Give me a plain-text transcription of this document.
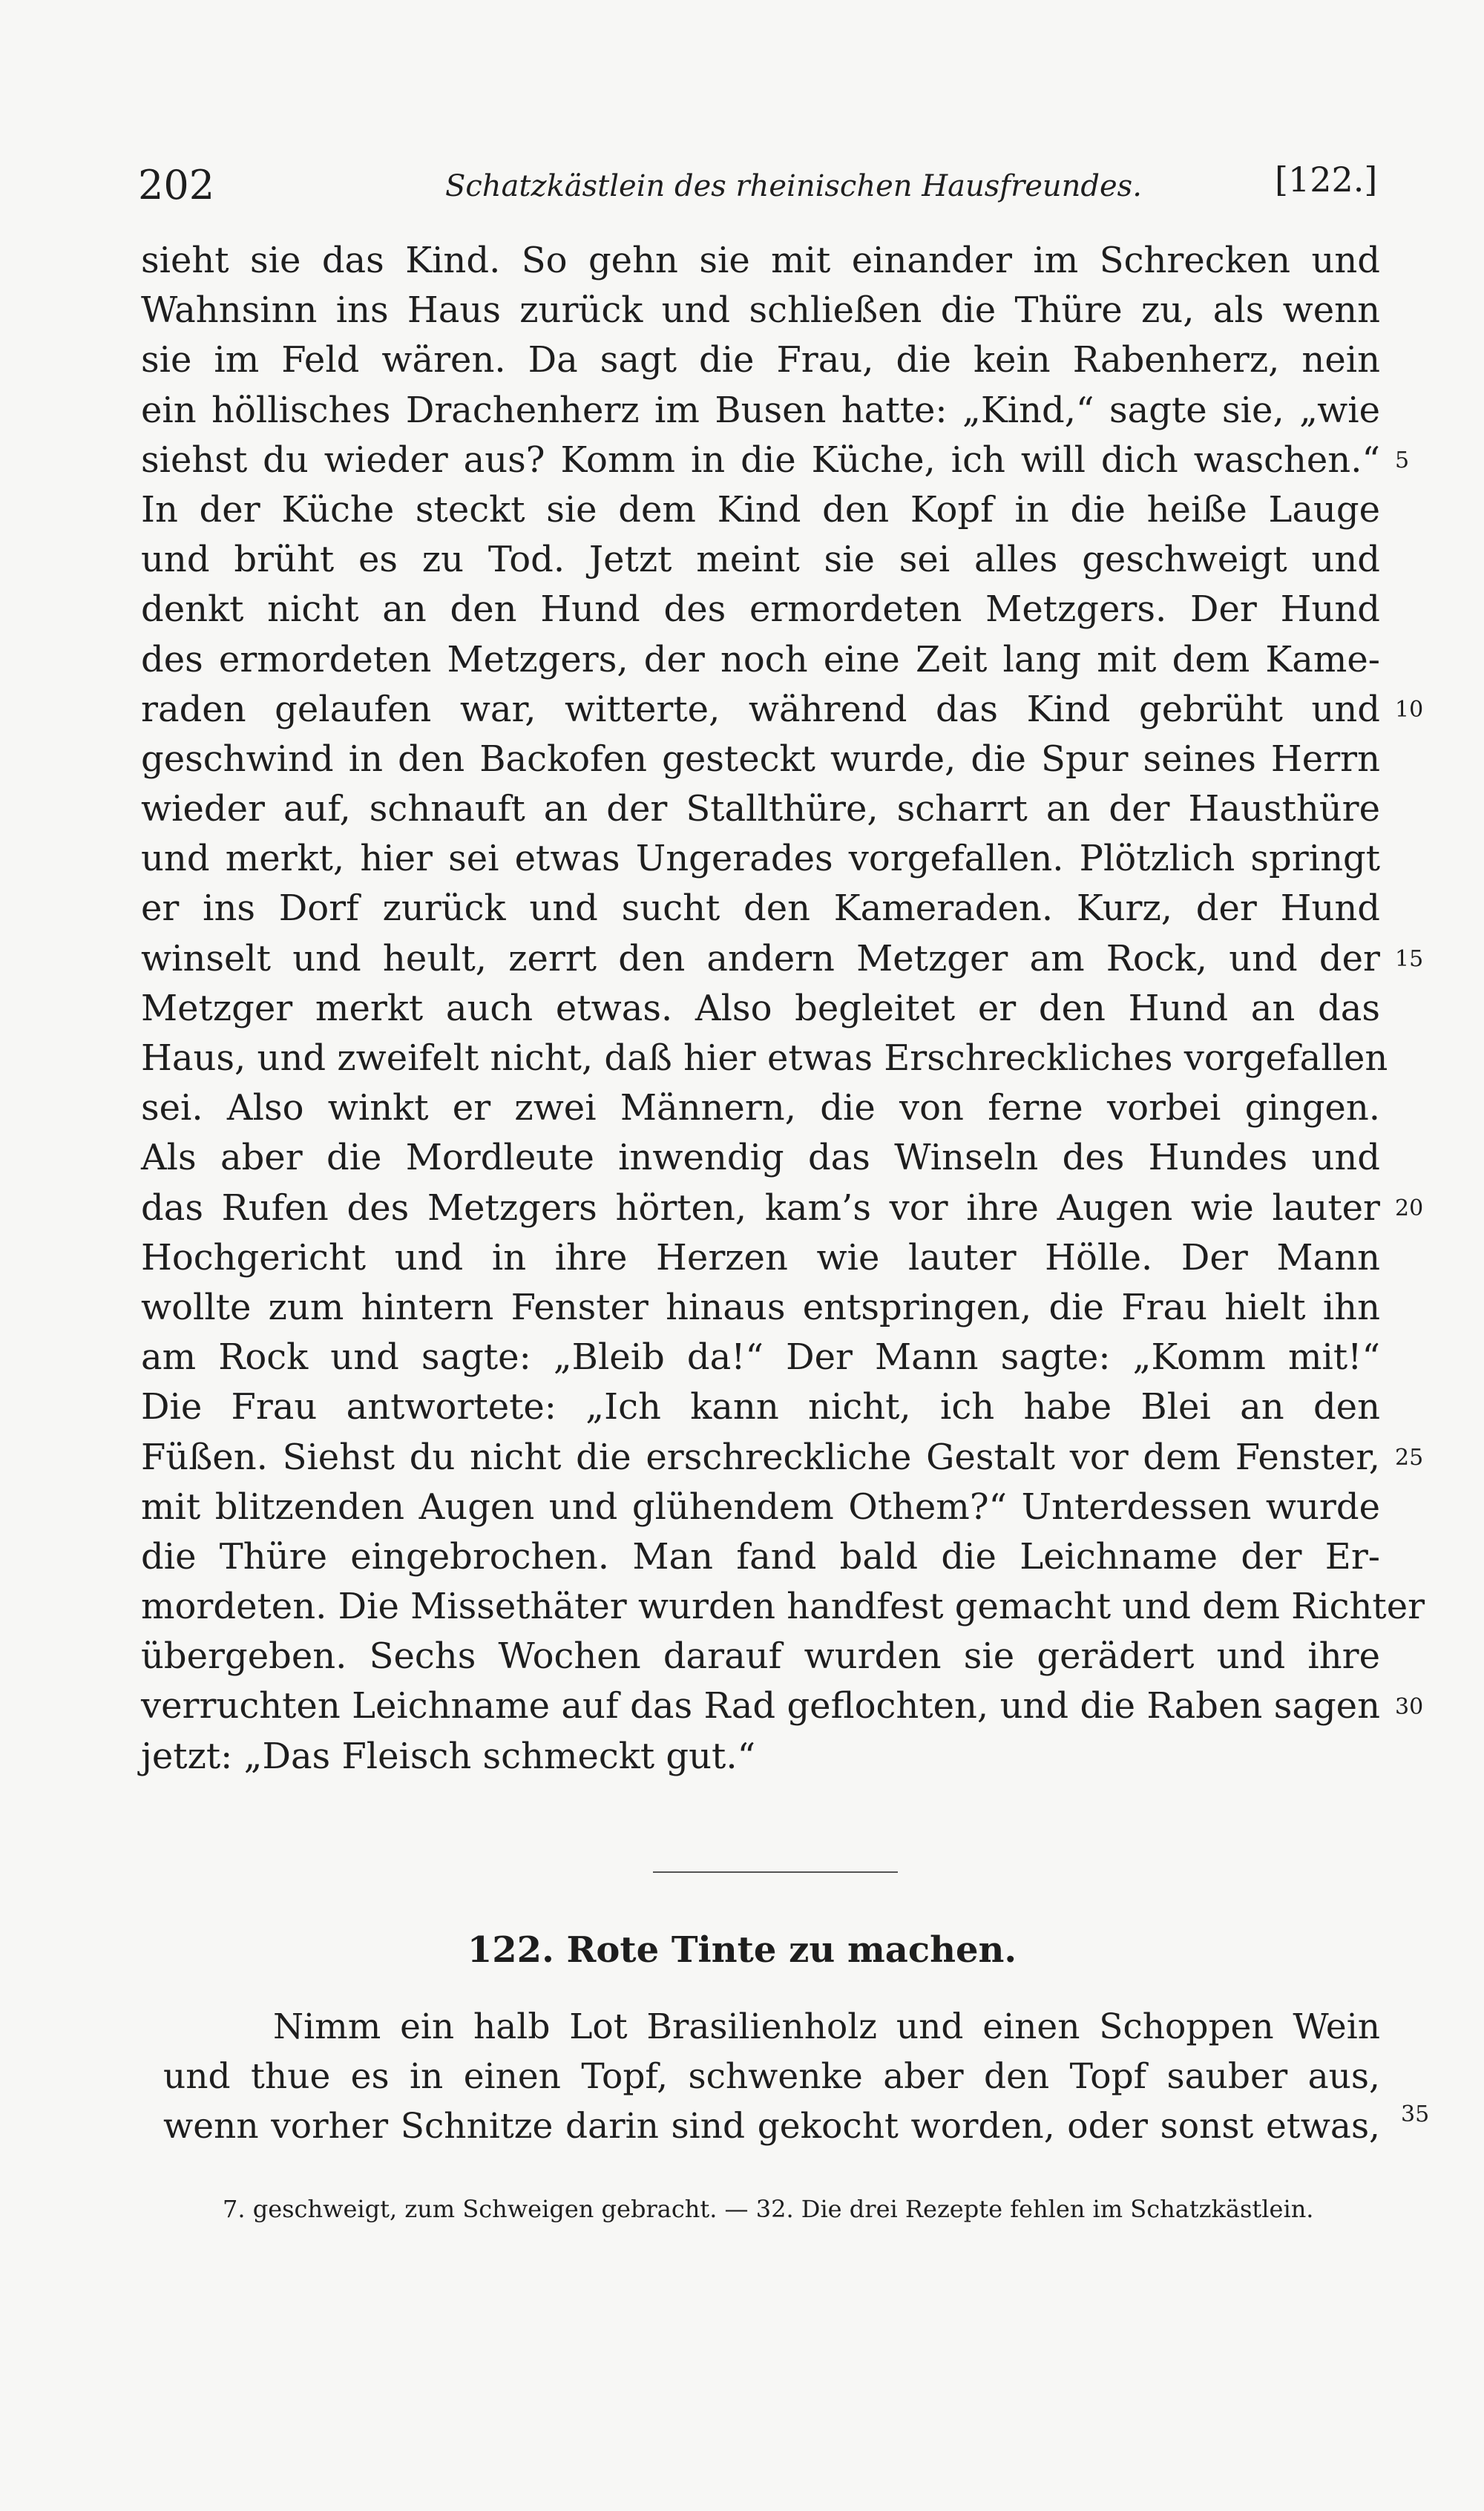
202	Schatzkästlein des rheinischen Hausfreundes.	[122.]
sieht sie das Kind. So gehn sie mit einander im Schrecken und
Wahnsinn ins Haus zurück und schließen die Thüre zu, als wenn
sie im Feld wären. Da sagt die Frau, die kein Rabenherz, nein
ein höllisches Drachenherz im Busen hatte: „Kind,“ sagte sie, „wie
siehst du wieder aus? Komm in die Küche, ich will dich waschen.“
In der Küche steckt sie dem Kind den Kopf in die heiße Lauge
und brüht es zu Tod. Jetzt meint sie sei alles geschweigt und
denkt nicht an den Hund des ermordeten Metzgers. Der Hund
des ermordeten Metzgers, der noch eine Zeit lang mit dem Kame-
raden gelaufen war, witterte, während das Kind gebrüht und
geschwind in den Backofen gesteckt wurde, die Spur seines Herrn
wieder auf, schnauft an der Stallthüre, scharrt an der Hausthüre
und merkt, hier sei etwas Ungerades vorgefallen. Plötzlich springt
er ins Dorf zurück und sucht den Kameraden. Kurz, der Hund
winselt und heult, zerrt den andern Metzger am Rock, und der
Metzger merkt auch etwas. Also begleitet er den Hund an das
Haus, und zweifelt nicht, daß hier etwas Erschreckliches vorgefallen
sei. Also winkt er zwei Männern, die von ferne vorbei gingen.
Als aber die Mordleute inwendig das Winseln des Hundes und
das Rufen des Metzgers hörten, kam’s vor ihre Augen wie lauter
Hochgericht und in ihre Herzen wie lauter Hölle. Der Mann
wollte zum hintern Fenster hinaus entspringen, die Frau hielt ihn
am Rock und sagte: „Bleib da!“ Der Mann sagte: „Komm mit!“
Die Frau antwortete: „Ich kann nicht, ich habe Blei an den
Füßen. Siehst du nicht die erschreckliche Gestalt vor dem Fenster,
mit blitzenden Augen und glühendem Othem?“ Unterdessen wurde
die Thüre eingebrochen. Man fand bald die Leichname der Er-
mordeten. Die Missethäter wurden handfest gemacht und dem Richter
übergeben. Sechs Wochen darauf wurden sie gerädert und ihre
verruchten Leichname auf das Rad geflochten, und die Raben sagen
jetzt: „Das Fleisch schmeckt gut.“
5
10
15
20
25
30
122. Rote Tinte zu machen.
Nimm ein halb Lot Brasilienholz und einen Schoppen Wein
und thue es in einen Topf, schwenke aber den Topf sauber aus,
wenn vorher Schnitze darin sind gekocht worden, oder sonst etwas, 35
7. geschweigt, zum Schweigen gebracht. — 32. Die drei Rezepte fehlen im Schatzkästlein.
